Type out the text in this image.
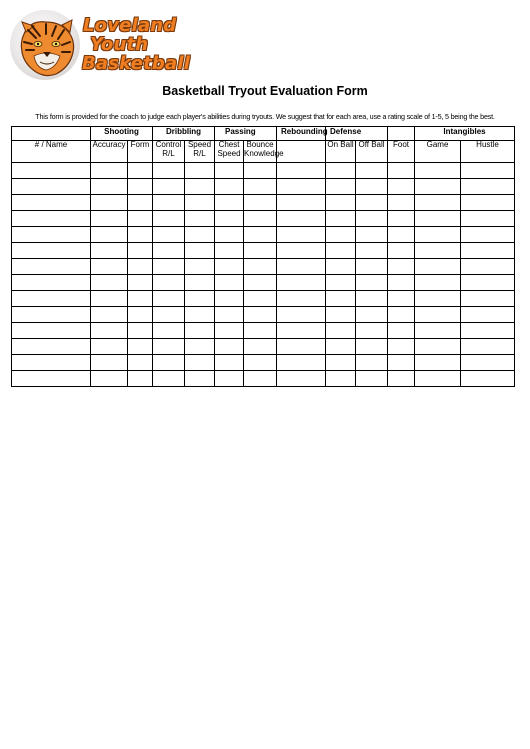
Loveland
Youth
Basketball
Basketball Tryout Evaluation Form
This form is provided for the coach to judge each player's abilities during tryouts. We suggest that for each area, use a rating scale of 1-5, 5 being the best.
	Shooting		Dribbling		Passing		Rebounding	Defense			Intangibles	
# / Name	Accuracy	Form	Control R/L	Speed R/L	Chest Speed	Bounce Knowledge		On Ball	Off Ball	Foot	Game	Hustle
